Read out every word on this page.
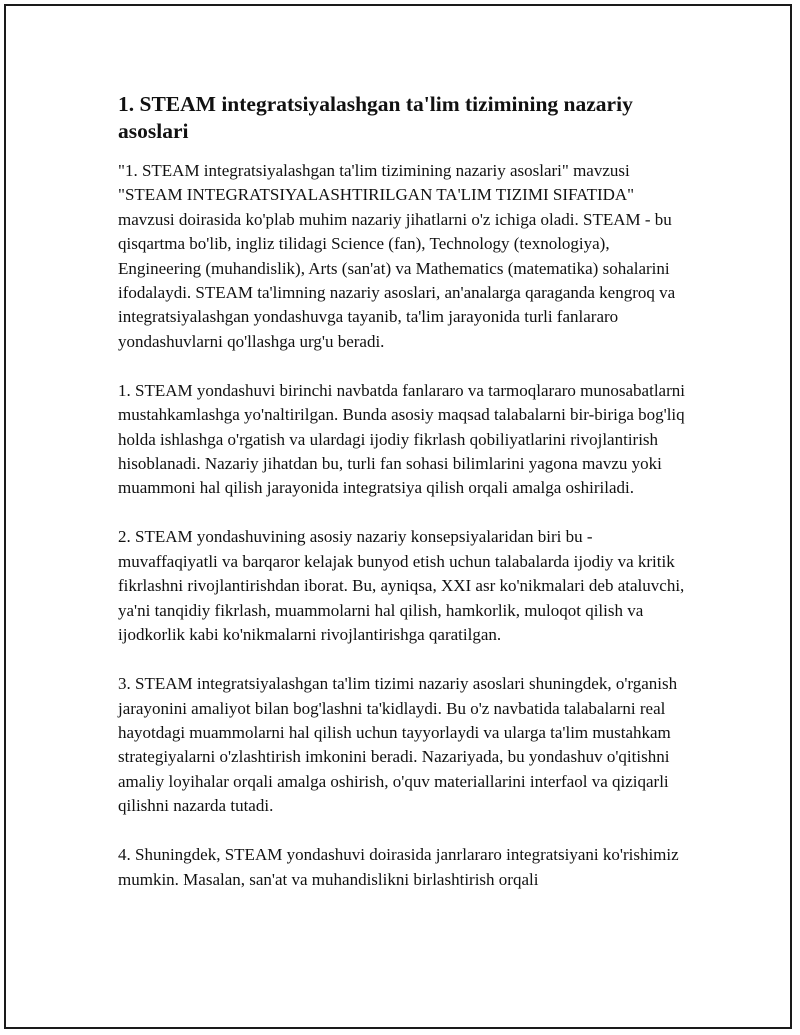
1. STEAM integratsiyalashgan ta'lim tizimining nazariy asoslari

"1. STEAM integratsiyalashgan ta'lim tizimining nazariy asoslari" mavzusi "STEAM INTEGRATSIYALASHTIRILGAN TA'LIM TIZIMI SIFATIDA" mavzusi doirasida ko'plab muhim nazariy jihatlarni o'z ichiga oladi. STEAM - bu qisqartma bo'lib, ingliz tilidagi Science (fan), Technology (texnologiya), Engineering (muhandislik), Arts (san'at) va Mathematics (matematika) sohalarini ifodalaydi. STEAM ta'limning nazariy asoslari, an'analarga qaraganda kengroq va integratsiyalashgan yondashuvga tayanib, ta'lim jarayonida turli fanlararo yondashuvlarni qo'llashga urg'u beradi.

1. STEAM yondashuvi birinchi navbatda fanlararo va tarmoqlararo munosabatlarni mustahkamlashga yo'naltirilgan. Bunda asosiy maqsad talabalarni bir-biriga bog'liq holda ishlashga o'rgatish va ulardagi ijodiy fikrlash qobiliyatlarini rivojlantirish hisoblanadi. Nazariy jihatdan bu, turli fan sohasi bilimlarini yagona mavzu yoki muammoni hal qilish jarayonida integratsiya qilish orqali amalga oshiriladi.

2. STEAM yondashuvining asosiy nazariy konsepsiyalaridan biri bu - muvaffaqiyatli va barqaror kelajak bunyod etish uchun talabalarda ijodiy va kritik fikrlashni rivojlantirishdan iborat. Bu, ayniqsa, XXI asr ko'nikmalari deb ataluvchi, ya'ni tanqidiy fikrlash, muammolarni hal qilish, hamkorlik, muloqot qilish va ijodkorlik kabi ko'nikmalarni rivojlantirishga qaratilgan.

3. STEAM integratsiyalashgan ta'lim tizimi nazariy asoslari shuningdek, o'rganish jarayonini amaliyot bilan bog'lashni ta'kidlaydi. Bu o'z navbatida talabalarni real hayotdagi muammolarni hal qilish uchun tayyorlaydi va ularga ta'lim mustahkam strategiyalarni o'zlashtirish imkonini beradi. Nazariyada, bu yondashuv o'qitishni amaliy loyihalar orqali amalga oshirish, o'quv materiallarini interfaol va qiziqarli qilishni nazarda tutadi.

4. Shuningdek, STEAM yondashuvi doirasida janrlararo integratsiyani ko'rishimiz mumkin. Masalan, san'at va muhandislikni birlashtirish orqali
